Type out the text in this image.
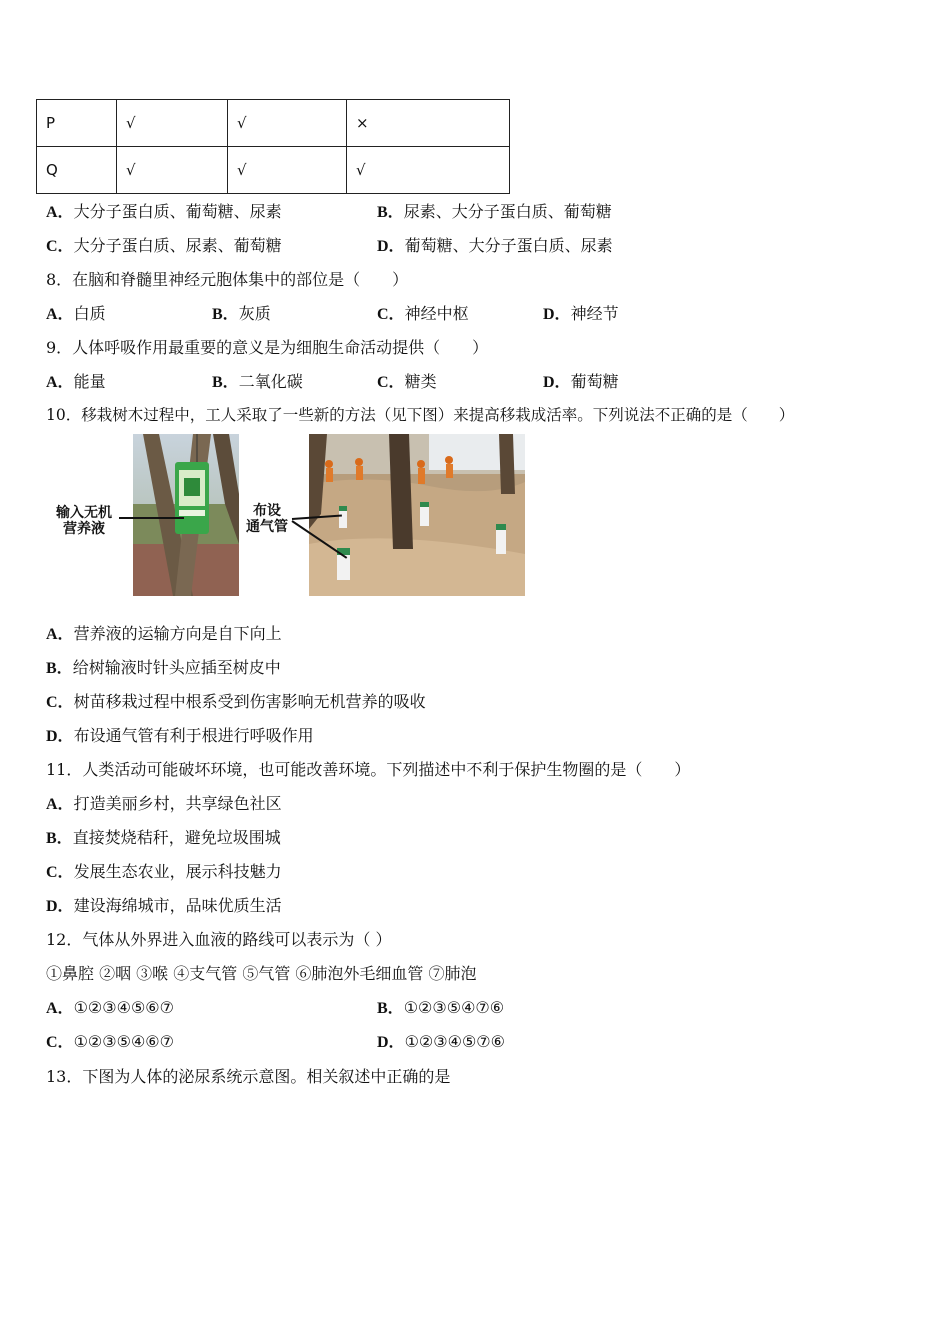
P	√	√	×
Q	√	√	√
A．大分子蛋白质、葡萄糖、尿素	B．尿素、大分子蛋白质、葡萄糖
C．大分子蛋白质、尿素、葡萄糖	D．葡萄糖、大分子蛋白质、尿素
8．在脑和脊髓里神经元胞体集中的部位是（　　）
A．白质	B．灰质	C．神经中枢	D．神经节
9．人体呼吸作用最重要的意义是为细胞生命活动提供（　　）
A．能量	B．二氧化碳	C．糖类	D．葡萄糖
10．移栽树木过程中，工人采取了一些新的方法（见下图）来提高移栽成活率。下列说法不正确的是（　　）
输入无机
营养液
布设
通气管
A．营养液的运输方向是自下向上
B．给树输液时针头应插至树皮中
C．树苗移栽过程中根系受到伤害影响无机营养的吸收
D．布设通气管有利于根进行呼吸作用
11．人类活动可能破坏环境，也可能改善环境。下列描述中不利于保护生物圈的是（　　）
A．打造美丽乡村，共享绿色社区
B．直接焚烧秸秆，避免垃圾围城
C．发展生态农业，展示科技魅力
D．建设海绵城市，品味优质生活
12．气体从外界进入血液的路线可以表示为（ ）
①鼻腔 ②咽 ③喉 ④支气管 ⑤气管 ⑥肺泡外毛细血管 ⑦肺泡
A．①②③④⑤⑥⑦	B．①②③⑤④⑦⑥
C．①②③⑤④⑥⑦	D．①②③④⑤⑦⑥
13．下图为人体的泌尿系统示意图。相关叙述中正确的是
